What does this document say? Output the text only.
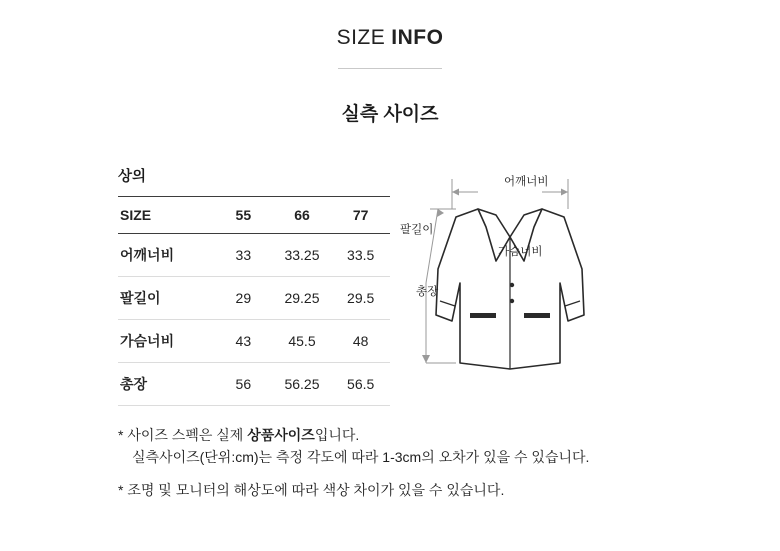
SIZE INFO
실측 사이즈
상의
SIZE	55	66	77
어깨너비	33	33.25	33.5
팔길이	29	29.25	29.5
가슴너비	43	45.5	48
총장	56	56.25	56.5
어깨너비
팔길이
가슴너비
총장
* 사이즈 스펙은 실제 상품사이즈입니다.
실측사이즈(단위:cm)는 측정 각도에 따라 1-3cm의 오차가 있을 수 있습니다.
* 조명 및 모니터의 해상도에 따라 색상 차이가 있을 수 있습니다.
